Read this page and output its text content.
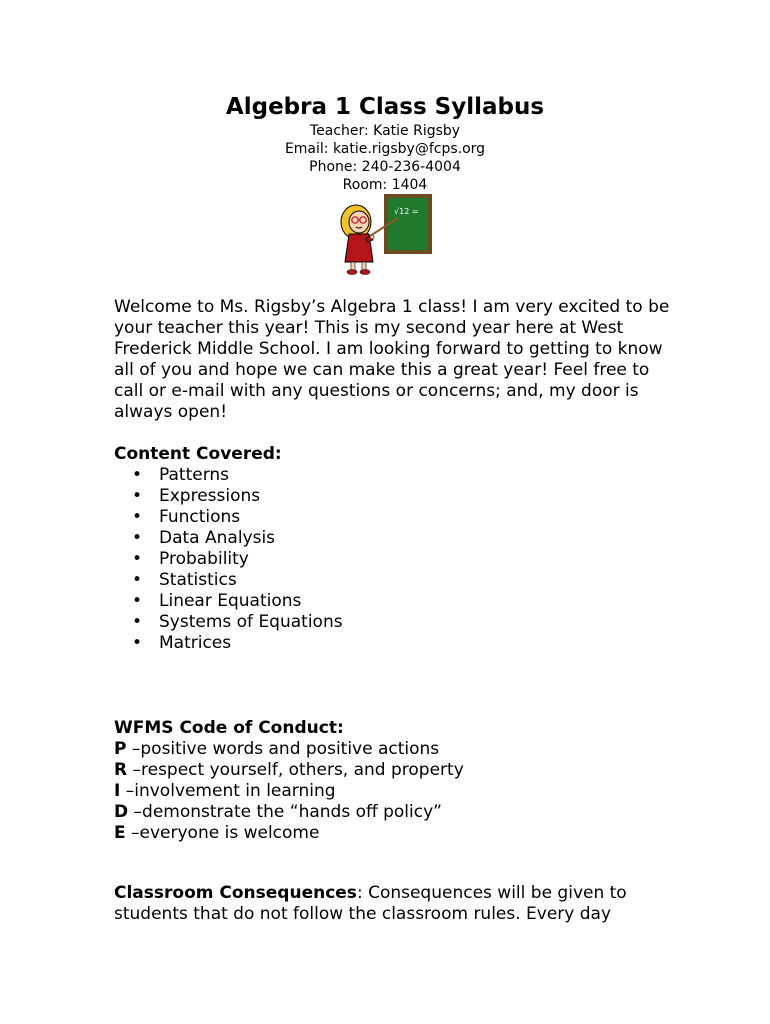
Algebra 1 Class Syllabus
Teacher: Katie Rigsby
Email: katie.rigsby@fcps.org
Phone: 240-236-4004
Room: 1404
√12 =

Welcome to Ms. Rigsby’s Algebra 1 class! I am very excited to be your teacher this year! This is my second year here at West Frederick Middle School. I am looking forward to getting to know all of you and hope we can make this a great year! Feel free to call or e-mail with any questions or concerns; and, my door is always open!

Content Covered:
• Patterns
• Expressions
• Functions
• Data Analysis
• Probability
• Statistics
• Linear Equations
• Systems of Equations
• Matrices
WFMS Code of Conduct:
P –positive words and positive actions
R –respect yourself, others, and property
I –involvement in learning
D –demonstrate the “hands off policy”
E –everyone is welcome

Classroom Consequences: Consequences will be given to students that do not follow the classroom rules. Every day
